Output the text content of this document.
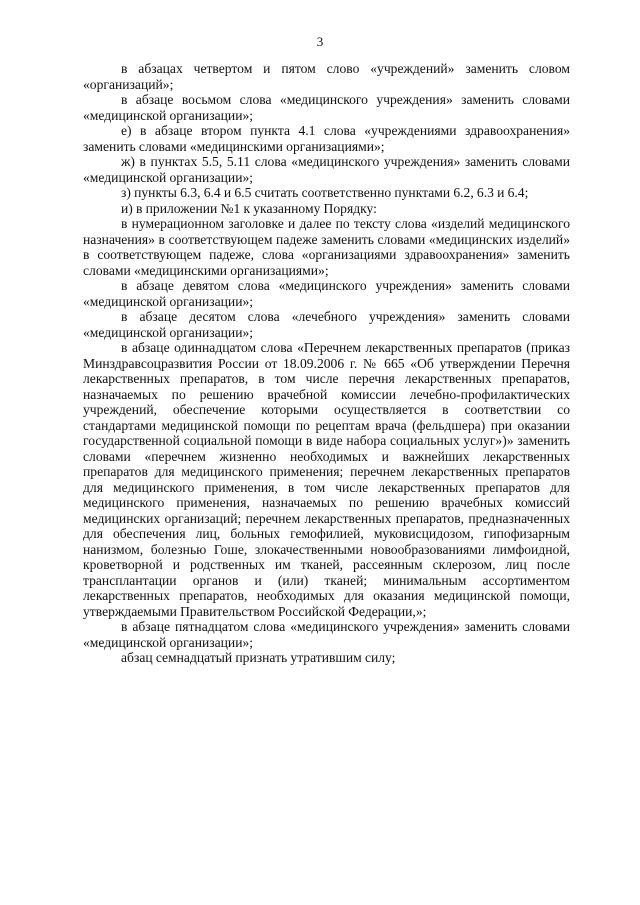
3

в абзацах четвертом и пятом слово «учреждений» заменить словом «организаций»;

в абзаце восьмом слова «медицинского учреждения» заменить словами «медицинской организации»;

е) в абзаце втором пункта 4.1 слова «учреждениями здравоохранения» заменить словами «медицинскими организациями»;

ж) в пунктах 5.5, 5.11 слова «медицинского учреждения» заменить словами «медицинской организации»;

з) пункты 6.3, 6.4 и 6.5 считать соответственно пунктами 6.2, 6.3 и 6.4;

и) в приложении №1 к указанному Порядку:

в нумерационном заголовке и далее по тексту слова «изделий медицинского назначения» в соответствующем падеже заменить словами «медицинских изделий» в соответствующем падеже, слова «организациями здравоохранения» заменить словами «медицинскими организациями»;

в абзаце девятом слова «медицинского учреждения» заменить словами «медицинской организации»;

в абзаце десятом слова «лечебного учреждения» заменить словами «медицинской организации»;

в абзаце одиннадцатом слова «Перечнем лекарственных препаратов (приказ Минздравсоцразвития России от 18.09.2006 г. № 665 «Об утверждении Перечня лекарственных препаратов, в том числе перечня лекарственных препаратов, назначаемых по решению врачебной комиссии лечебно-профилактических учреждений, обеспечение которыми осуществляется в соответствии со стандартами медицинской помощи по рецептам врача (фельдшера) при оказании государственной социальной помощи в виде набора социальных услуг»)» заменить словами «перечнем жизненно необходимых и важнейших лекарственных препаратов для медицинского применения; перечнем лекарственных препаратов для медицинского применения, в том числе лекарственных препаратов для медицинского применения, назначаемых по решению врачебных комиссий медицинских организаций; перечнем лекарственных препаратов, предназначенных для обеспечения лиц, больных гемофилией, муковисцидозом, гипофизарным нанизмом, болезнью Гоше, злокачественными новообразованиями лимфоидной, кроветворной и родственных им тканей, рассеянным склерозом, лиц после трансплантации органов и (или) тканей; минимальным ассортиментом лекарственных препаратов, необходимых для оказания медицинской помощи, утверждаемыми Правительством Российской Федерации,»;

в абзаце пятнадцатом слова «медицинского учреждения» заменить словами «медицинской организации»;

абзац семнадцатый признать утратившим силу;
